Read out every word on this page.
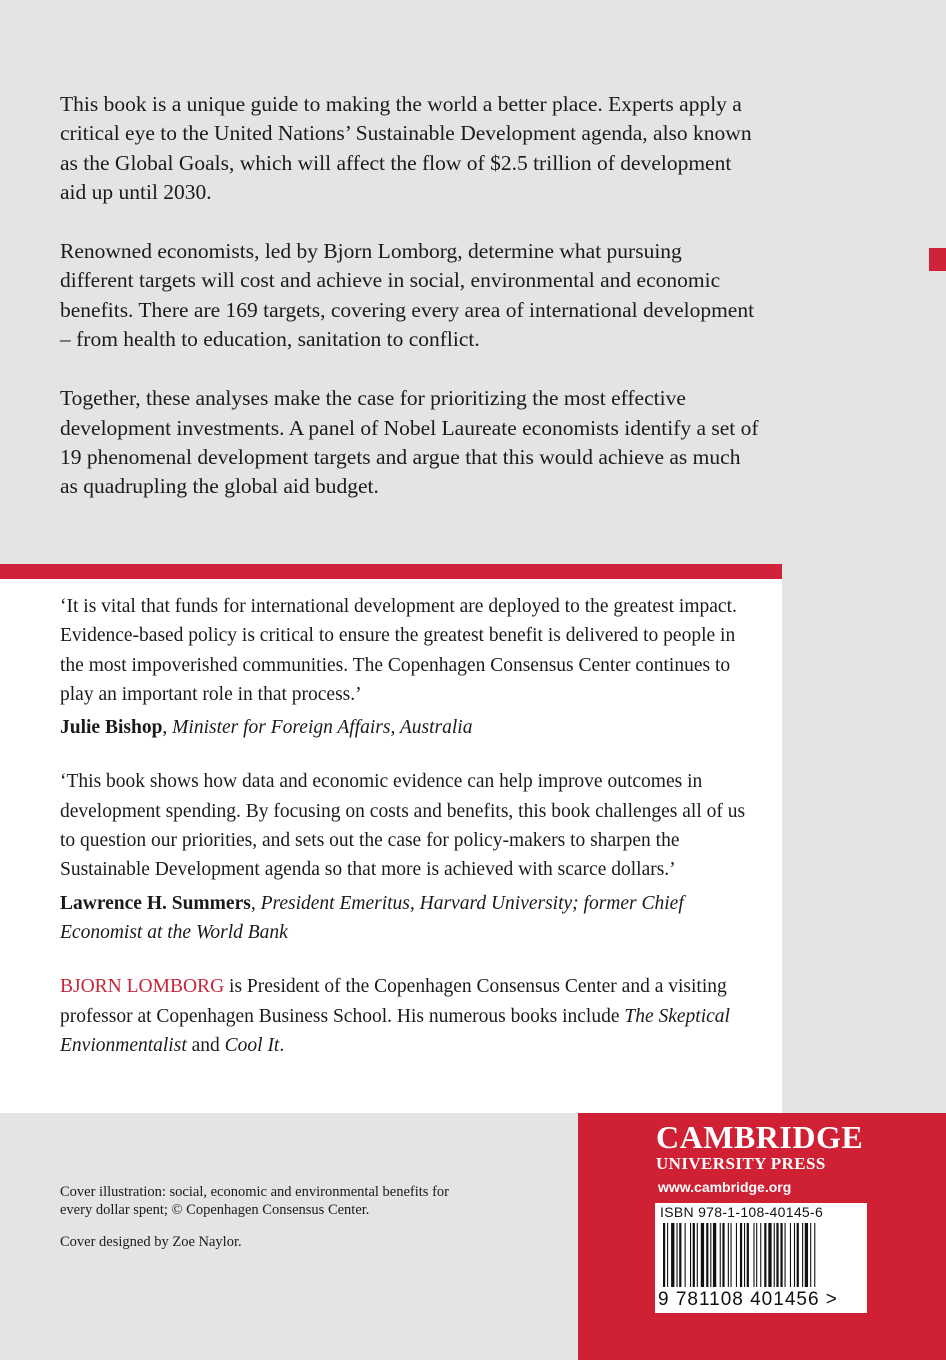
This book is a unique guide to making the world a better place. Experts apply a critical eye to the United Nations’ Sustainable Development agenda, also known as the Global Goals, which will affect the flow of $2.5 trillion of development aid up until 2030.

Renowned economists, led by Bjorn Lomborg, determine what pursuing different targets will cost and achieve in social, environmental and economic benefits. There are 169 targets, covering every area of international development – from health to education, sanitation to conflict.

Together, these analyses make the case for prioritizing the most effective development investments. A panel of Nobel Laureate economists identify a set of 19 phenomenal development targets and argue that this would achieve as much as quadrupling the global aid budget.

‘It is vital that funds for international development are deployed to the greatest impact. Evidence-based policy is critical to ensure the greatest benefit is delivered to people in the most impoverished communities. The Copenhagen Consensus Center continues to play an important role in that process.’

Julie Bishop, Minister for Foreign Affairs, Australia

‘This book shows how data and economic evidence can help improve outcomes in development spending. By focusing on costs and benefits, this book challenges all of us to question our priorities, and sets out the case for policy-makers to sharpen the Sustainable Development agenda so that more is achieved with scarce dollars.’

Lawrence H. Summers, President Emeritus, Harvard University; former Chief Economist at the World Bank

BJORN LOMBORG is President of the Copenhagen Consensus Center and a visiting professor at Copenhagen Business School. His numerous books include The Skeptical Envionmentalist and Cool It.

Cover illustration: social, economic and environmental benefits for every dollar spent; © Copenhagen Consensus Center.

Cover designed by Zoe Naylor.

CAMBRIDGE
UNIVERSITY PRESS
www.cambridge.org
ISBN 978-1-108-40145-6
9 781108 401456 >
